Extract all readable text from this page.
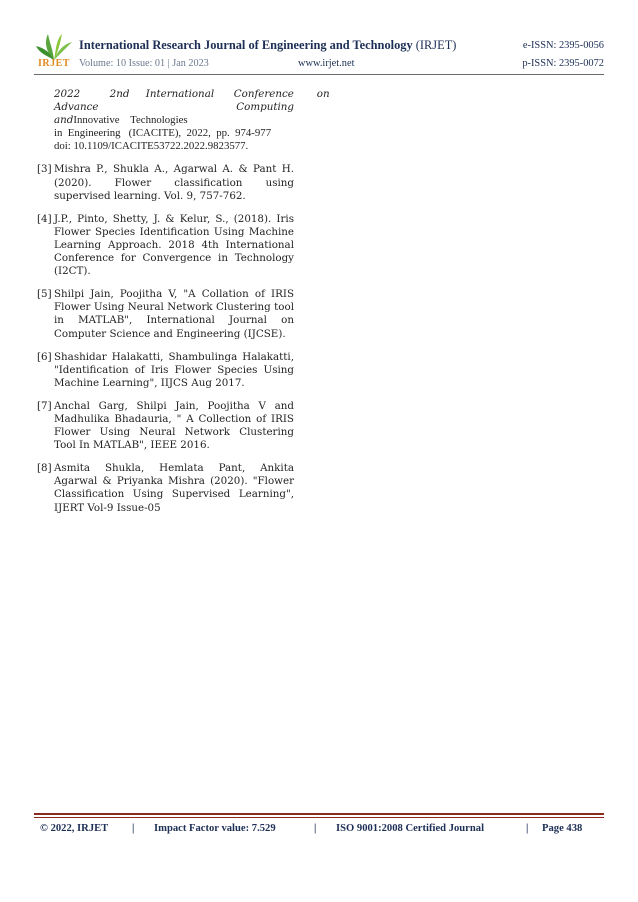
IRJET
International Research Journal of Engineering and Technology (IRJET)	e-ISSN: 2395-0056
Volume: 10 Issue: 01 | Jan 2023	www.irjet.net	p-ISSN: 2395-0072
2022         2nd     International      Conference       on
Advance Computing andInnovative    Technologies
in  Engineering   (ICACITE),  2022,  pp.  974-977
doi: 10.1109/ICACITE53722.2022.9823577.
[3] Mishra P., Shukla A., Agarwal A. & Pant H. (2020). Flower classification using supervised learning. Vol. 9, 757-762.
[4] J.P., Pinto, Shetty, J. & Kelur, S., (2018). Iris Flower Species Identification Using Machine Learning Approach. 2018 4th International Conference for Convergence in Technology (I2CT).
[5] Shilpi Jain, Poojitha V, "A Collation of IRIS Flower Using Neural Network Clustering tool in MATLAB", International Journal on Computer Science and Engineering (IJCSE).
[6] Shashidar Halakatti, Shambulinga Halakatti, "Identification of Iris Flower Species Using Machine Learning", IIJCS Aug 2017.
[7] Anchal Garg, Shilpi Jain, Poojitha V and Madhulika Bhadauria, " A Collection of IRIS Flower Using Neural Network Clustering Tool In MATLAB", IEEE 2016.
[8] Asmita Shukla, Hemlata Pant, Ankita Agarwal & Priyanka Mishra (2020). "Flower Classification Using Supervised Learning", IJERT Vol-9 Issue-05
© 2022, IRJET | Impact Factor value: 7.529	| ISO 9001:2008 Certified Journal	| Page 438
